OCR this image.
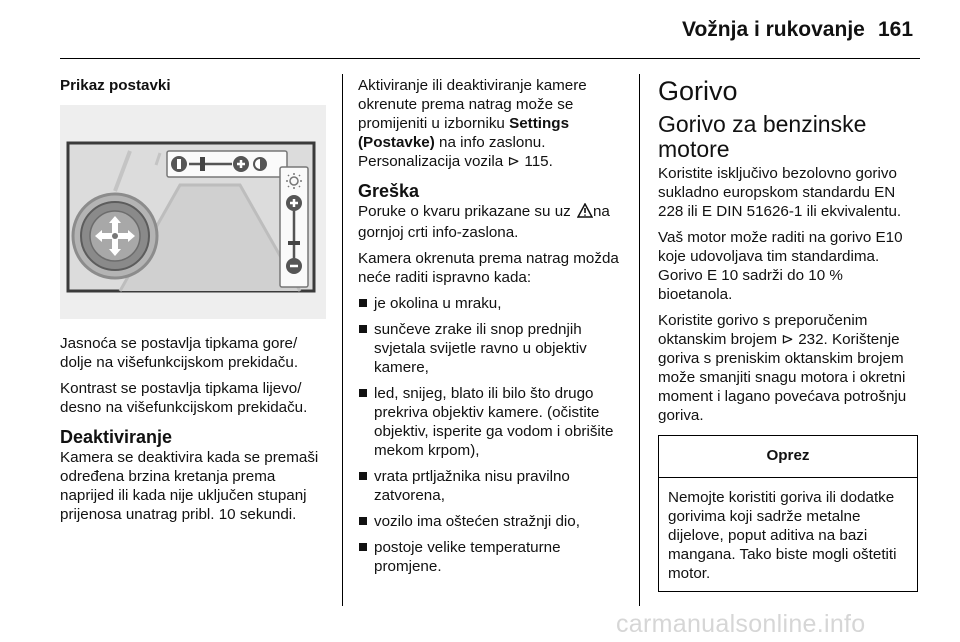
Vožnja i rukovanje 161
Prikaz postavki

Jasnoća se postavlja tipkama gore/ dolje na višefunkcijskom prekidaču.

Kontrast se postavlja tipkama lijevo/ desno na višefunkcijskom prekidaču.

Deaktiviranje

Kamera se deaktivira kada se premaši određena brzina kretanja prema naprijed ili kada nije uključen stupanj prijenosa unatrag pribl. 10 sekundi.

Aktiviranje ili deaktiviranje kamere okrenute prema natrag može se promijeniti u izborniku Settings (Postavke) na info zaslonu.
Personalizacija vozila ⊳ 115.

Greška

Poruke o kvaru prikazane su uz na gornjoj crti info-zaslona.

Kamera okrenuta prema natrag možda neće raditi ispravno kada:

je okolina u mraku,
sunčeve zrake ili snop prednjih svjetala svijetle ravno u objektiv kamere,
led, snijeg, blato ili bilo što drugo prekriva objektiv kamere. (očistite objektiv, isperite ga vodom i obrišite mekom krpom),
vrata prtljažnika nisu pravilno zatvorena,
vozilo ima oštećen stražnji dio,
postoje velike temperaturne promjene.
Gorivo
Gorivo za benzinske motore

Koristite isključivo bezolovno gorivo sukladno europskom standardu EN 228 ili E DIN 51626-1 ili ekvivalentu.

Vaš motor može raditi na gorivo E10 koje udovoljava tim standardima. Gorivo E 10 sadrži do 10 % bioetanola.

Koristite gorivo s preporučenim oktanskim brojem ⊳ 232. Korištenje goriva s preniskim oktanskim brojem može smanjiti snagu motora i okretni moment i lagano povećava potrošnju goriva.

Oprez
Nemojte koristiti goriva ili dodatke gorivima koji sadrže metalne dijelove, poput aditiva na bazi mangana. Tako biste mogli oštetiti motor.
carmanualsonline.info
